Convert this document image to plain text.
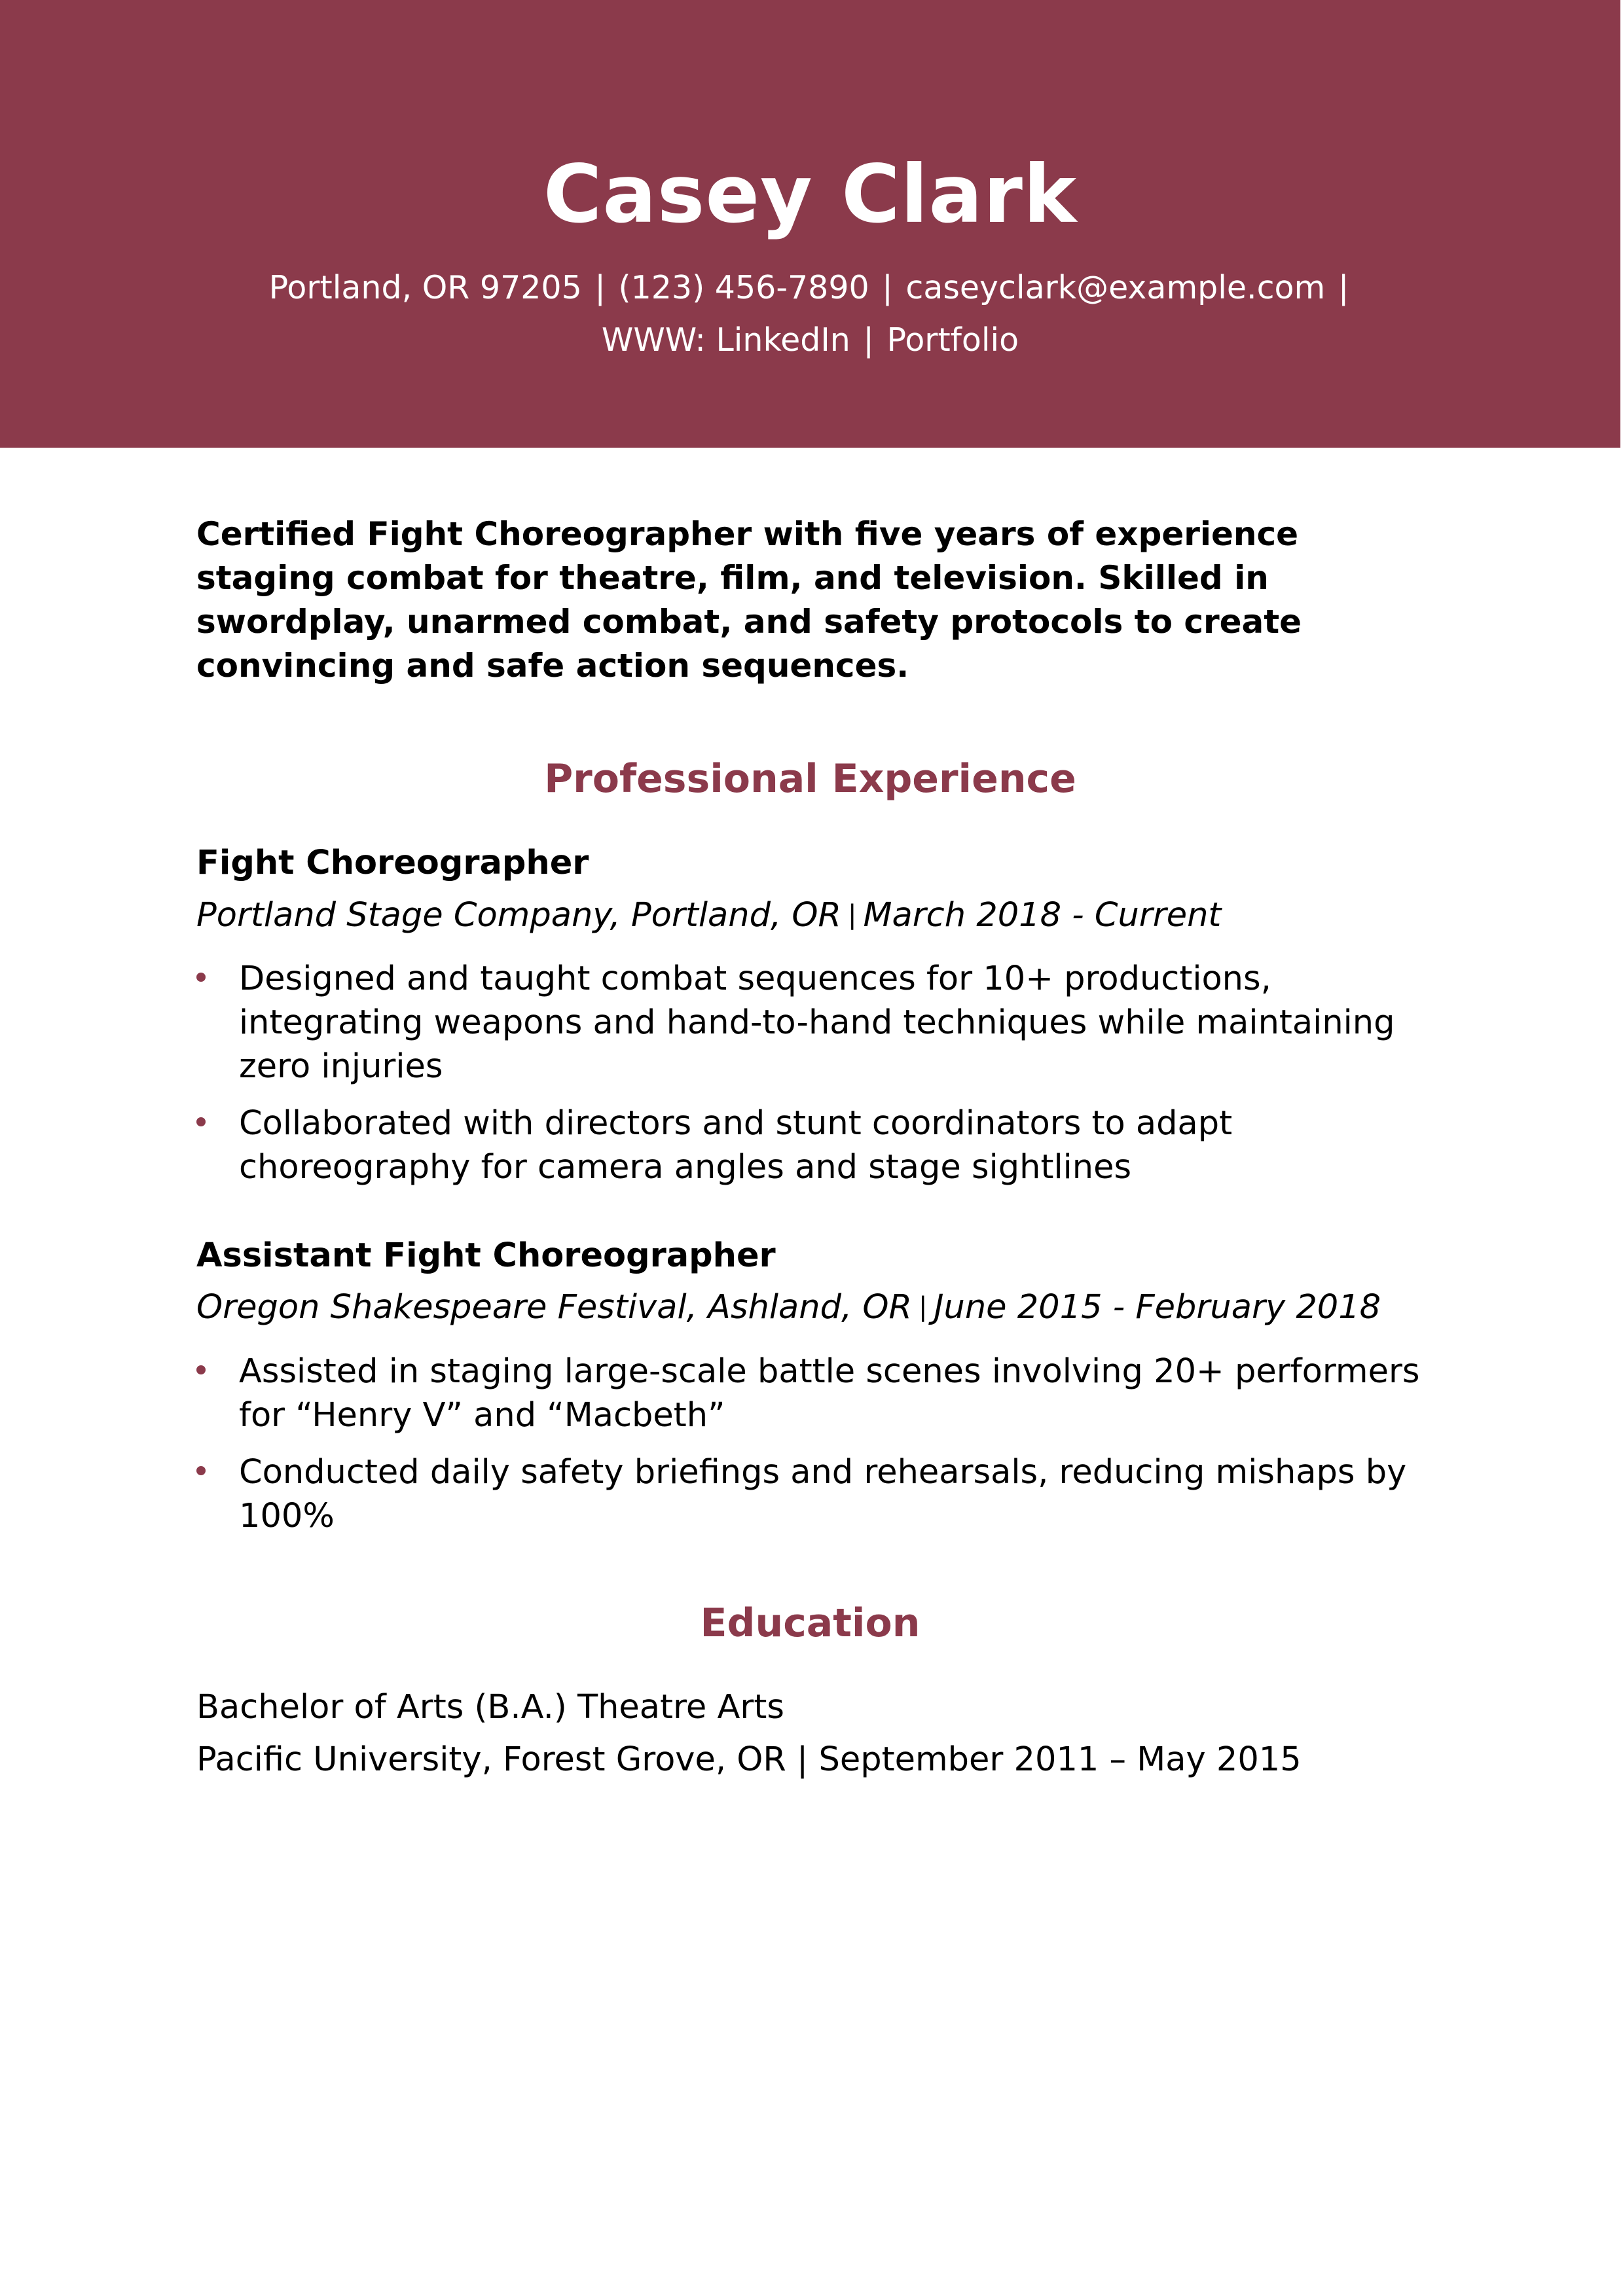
Casey Clark
Portland, OR 97205 | (123) 456-7890 | caseyclark@example.com |
WWW: LinkedIn | Portfolio

Certified Fight Choreographer with five years of experience staging combat for theatre, film, and television. Skilled in swordplay, unarmed combat, and safety protocols to create convincing and safe action sequences.

Professional Experience
Fight Choreographer
Portland Stage Company, Portland, OR | March 2018 - Current
Designed and taught combat sequences for 10+ productions, integrating weapons and hand-to-hand techniques while maintaining zero injuries
Collaborated with directors and stunt coordinators to adapt choreography for camera angles and stage sightlines
Assistant Fight Choreographer
Oregon Shakespeare Festival, Ashland, OR | June 2015 - February 2018
Assisted in staging large-scale battle scenes involving 20+ performers for “Henry V” and “Macbeth”
Conducted daily safety briefings and rehearsals, reducing mishaps by 100%
Education
Bachelor of Arts (B.A.) Theatre Arts
Pacific University, Forest Grove, OR | September 2011 – May 2015
